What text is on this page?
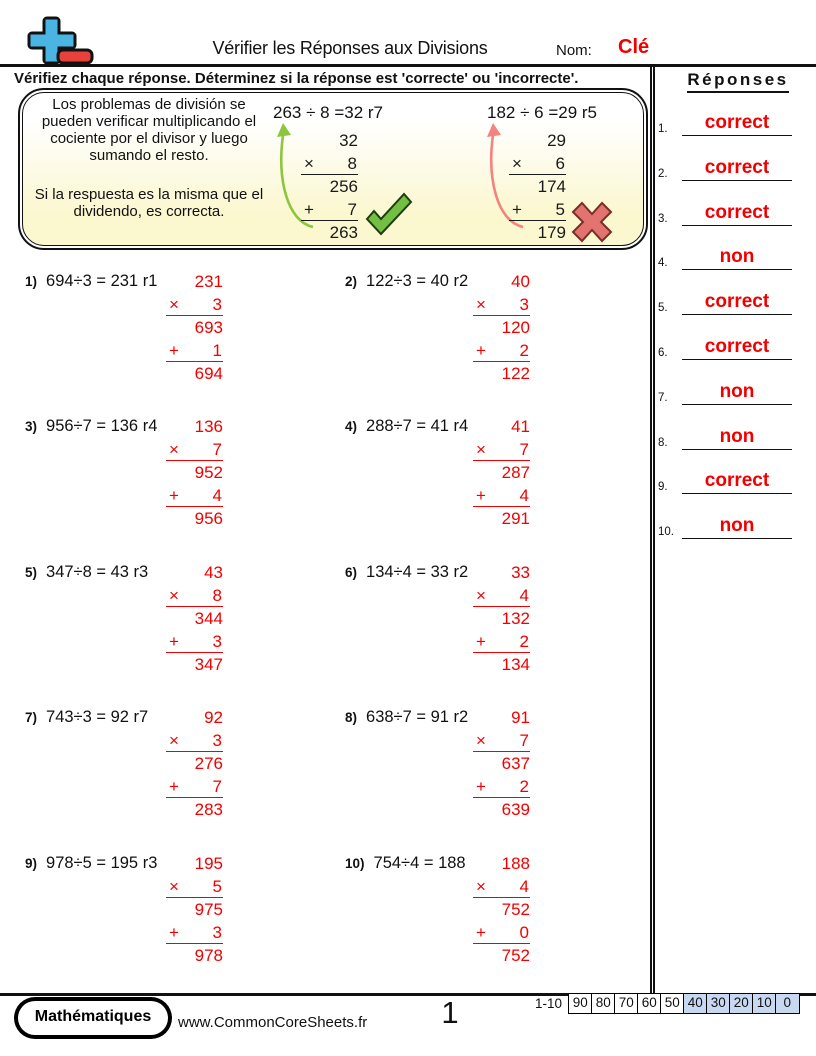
Vérifier les Réponses aux Divisions	Nom: Clé
Vérifiez chaque réponse. Déterminez si la réponse est 'correcte' ou 'incorrecte'.
Los problemas de división se pueden verificar multiplicando el cociente por el divisor y luego sumando el resto.
Si la respuesta es la misma que el dividendo, es correcta.
263 ÷ 8 =32 r7
32
× 8
256
+ 7
263
182 ÷ 6 =29 r5
29
× 6
174
+ 5
179
1) 694÷3 = 231 r1	231
× 3
693
+ 1
694
2) 122÷3 = 40 r2	40
× 3
120
+ 2
122
3) 956÷7 = 136 r4	136
× 7
952
+ 4
956
4) 288÷7 = 41 r4	41
× 7
287
+ 4
291
5) 347÷8 = 43 r3	43
× 8
344
+ 3
347
6) 134÷4 = 33 r2	33
× 4
132
+ 2
134
7) 743÷3 = 92 r7	92
× 3
276
+ 7
283
8) 638÷7 = 91 r2	91
× 7
637
+ 2
639
9) 978÷5 = 195 r3	195
× 5
975
+ 3
978
10) 754÷4 = 188	188
× 4
752
+ 0
752
Réponses
1.	correct
2.	correct
3.	correct
4.	non
5.	correct
6.	correct
7.	non
8.	non
9.	correct
10.	non
Mathématiques	www.CommonCoreSheets.fr	1	1-10 90 80 70 60 50 40 30 20 10 0
